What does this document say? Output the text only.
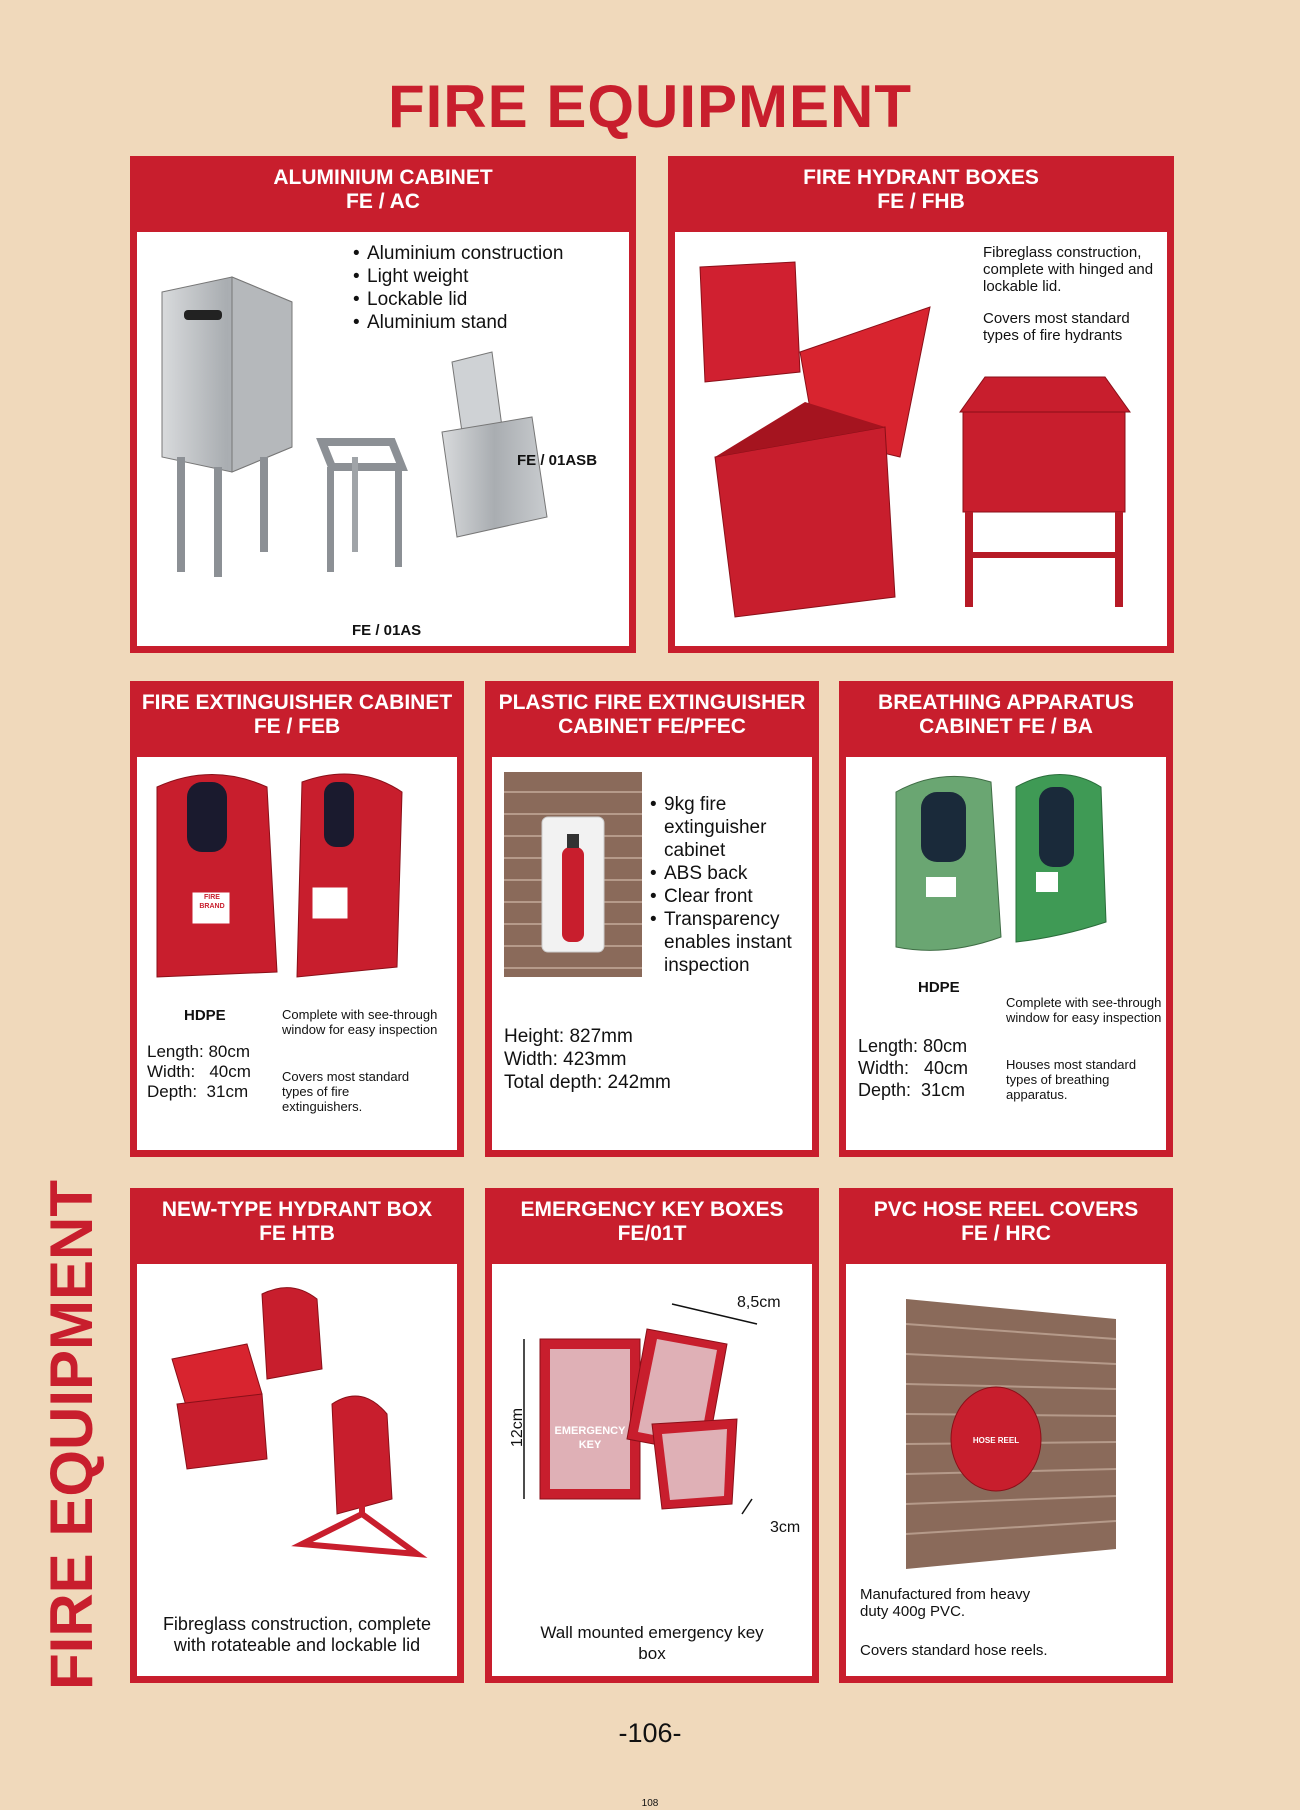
FIRE EQUIPMENT
FIRE EQUIPMENT
ALUMINIUM CABINET
FE / AC
• Aluminium construction
• Light weight
• Lockable lid
• Aluminium stand
FE / 01ASB
FE / 01AS
FIRE HYDRANT BOXES
FE / FHB
Fibreglass construction, complete with hinged and lockable lid.
Covers most standard types of fire hydrants
FIRE EXTINGUISHER CABINET
FE / FEB
FIRE BRAND
HDPE
Length: 80cm
Width:   40cm
Depth:  31cm
Complete with see-through window for easy inspection
Covers most standard types of fire extinguishers.
PLASTIC FIRE EXTINGUISHER
CABINET FE/PFEC
• 9kg fire extinguisher cabinet
• ABS back
• Clear front
• Transparency enables instant inspection
Height: 827mm
Width: 423mm
Total depth: 242mm
BREATHING APPARATUS
CABINET FE / BA
HDPE
Length: 80cm
Width:   40cm
Depth:  31cm
Complete with see-through window for easy inspection
Houses most standard types of breathing apparatus.
NEW-TYPE HYDRANT BOX
FE HTB
Fibreglass construction, complete with rotateable and lockable lid
EMERGENCY KEY BOXES
FE/01T
EMERGENCY KEY
8,5cm
12cm
3cm
Wall mounted emergency key box
PVC HOSE REEL COVERS
FE / HRC
HOSE REEL
Manufactured from heavy duty 400g PVC.
Covers standard hose reels.
-106-
108
